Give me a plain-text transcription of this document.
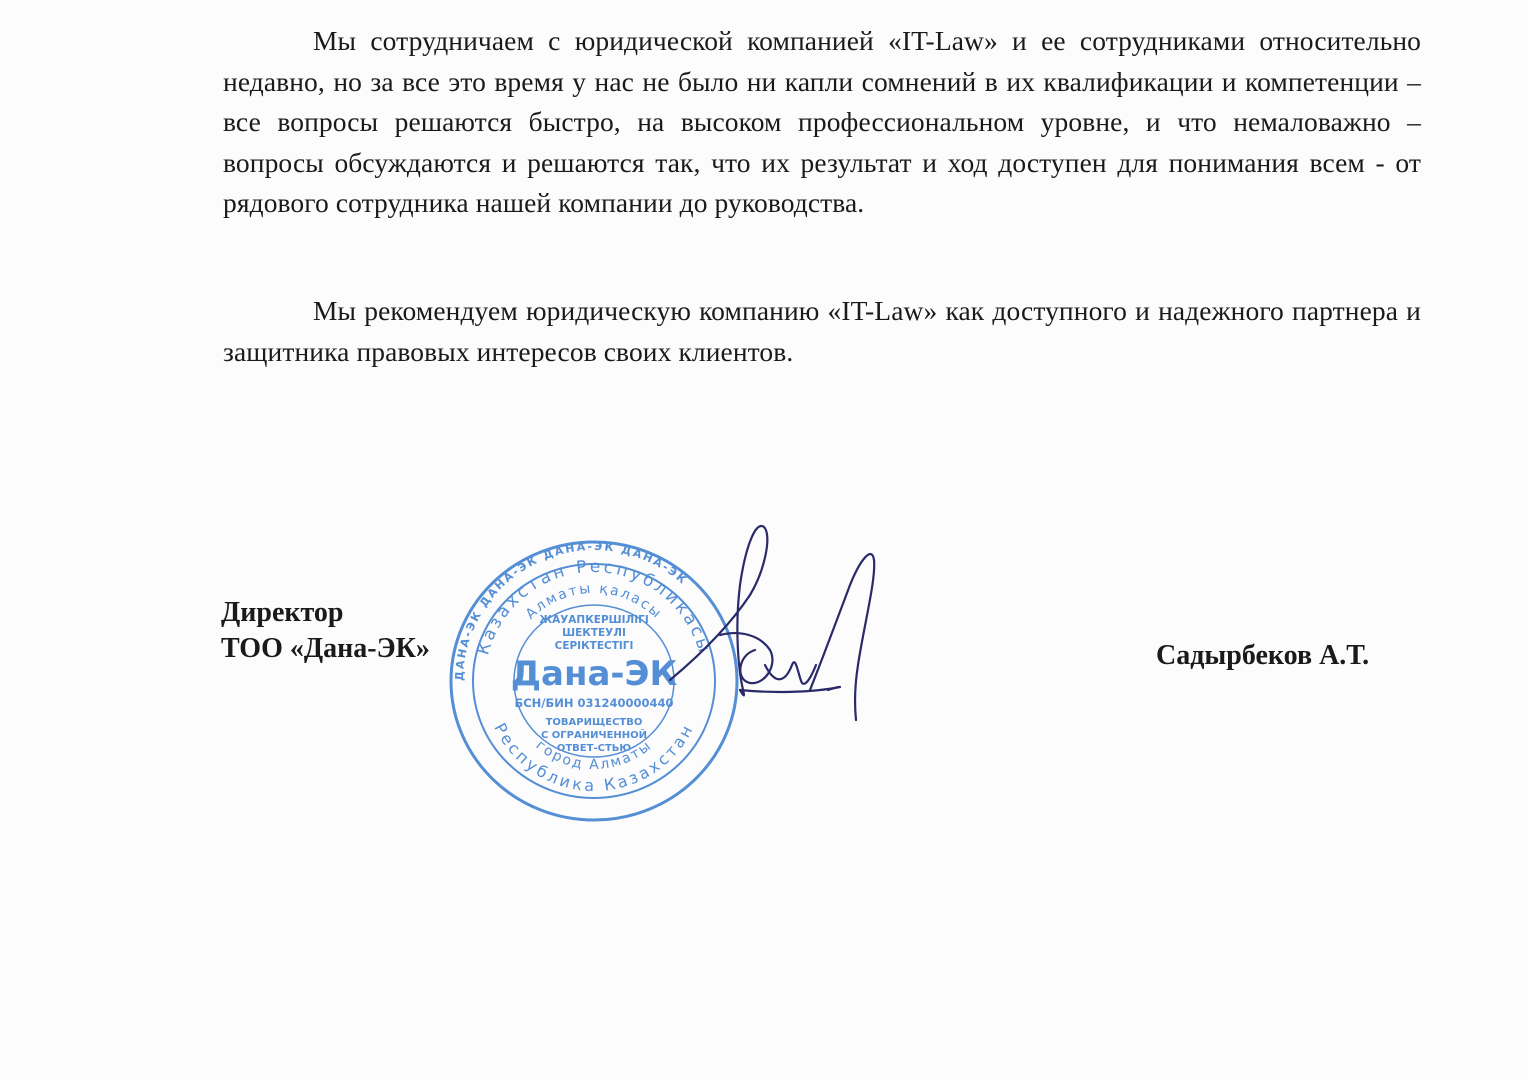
Мы сотрудничаем с юридической компанией «IT-Law» и ее сотрудниками относительно недавно, но за все это время у нас не было ни капли сомнений в их квалификации и компетенции – все вопросы решаются быстро, на высоком профессиональном уровне, и что немаловажно – вопросы обсуждаются и решаются так, что их результат и ход доступен для понимания всем - от рядового сотрудника нашей компании до руководства.

Мы рекомендуем юридическую компанию «IT-Law» как доступного и надежного партнера и защитника правовых интересов своих клиентов.

Директор

ТОО «Дана-ЭК»	Садырбеков А.Т.

ДАНА-ЭК ДАНА-ЭК ДАНА-ЭК ДАНА-ЭК
Казахстан Республикасы
Алматы қаласы
ЖАУАПКЕРШІЛІГІ
ШЕКТЕУЛІ
СЕРІКТЕСТІГІ
Дана-ЭК
БСН/БИН 031240000440
ТОВАРИЩЕСТВО
С ОГРАНИЧЕННОЙ
ОТВЕТ-СТЬЮ
город Алматы
Республика Казахстан
